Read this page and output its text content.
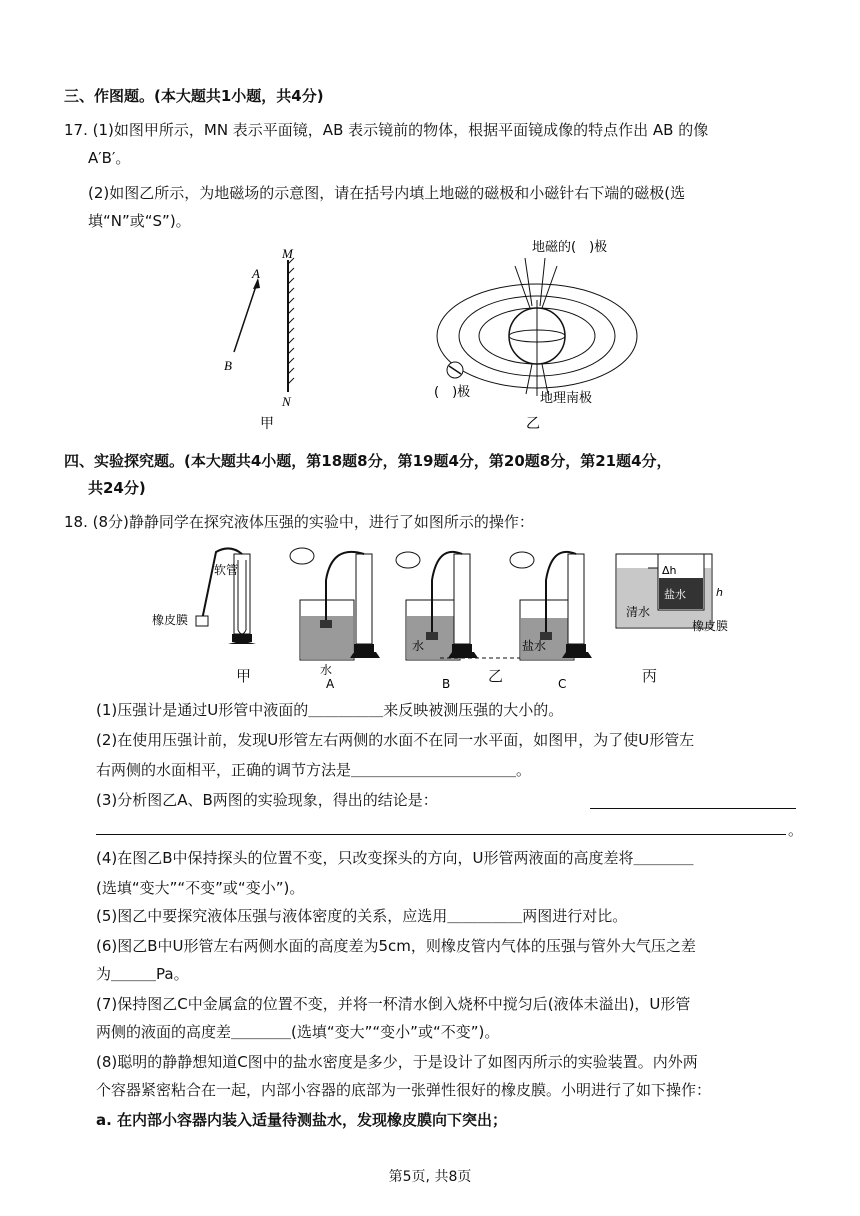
三、作图题。(本大题共1小题，共4分)
17. (1)如图甲所示，MN 表示平面镜，AB 表示镜前的物体，根据平面镜成像的特点作出 AB 的像
A′B′。
(2)如图乙所示，为地磁场的示意图，请在括号内填上地磁的磁极和小磁针右下端的磁极(选
填“N”或“S”)。
M
N
A
B
甲
地磁的(　)极
(　)极	地理南极
乙
四、实验探究题。(本大题共4小题，第18题8分，第19题4分，第20题8分，第21题4分，
共24分)
18. (8分)静静同学在探究液体压强的实验中，进行了如图所示的操作：
橡皮膜
软管
水
A
水
B
盐水
C
Δh
h
盐水
清水
橡皮膜
甲	乙	丙
(1)压强计是通过U形管中液面的＿＿＿＿＿来反映被测压强的大小的。
(2)在使用压强计前，发现U形管左右两侧的水面不在同一水平面，如图甲，为了使U形管左
右两侧的水面相平，正确的调节方法是＿＿＿＿＿＿＿＿＿＿＿。
(3)分析图乙A、B两图的实验现象，得出的结论是：
。
(4)在图乙B中保持探头的位置不变，只改变探头的方向，U形管两液面的高度差将＿＿＿＿
(选填“变大”“不变”或“变小”)。
(5)图乙中要探究液体压强与液体密度的关系，应选用＿＿＿＿＿两图进行对比。
(6)图乙B中U形管左右两侧水面的高度差为5cm，则橡皮管内气体的压强与管外大气压之差
为＿＿＿Pa。
(7)保持图乙C中金属盒的位置不变，并将一杯清水倒入烧杯中搅匀后(液体未溢出)，U形管
两侧的液面的高度差＿＿＿＿(选填“变大”“变小”或“不变”)。
(8)聪明的静静想知道C图中的盐水密度是多少，于是设计了如图丙所示的实验装置。内外两
个容器紧密粘合在一起，内部小容器的底部为一张弹性很好的橡皮膜。小明进行了如下操作：
a. 在内部小容器内装入适量待测盐水，发现橡皮膜向下突出；
第5页, 共8页
